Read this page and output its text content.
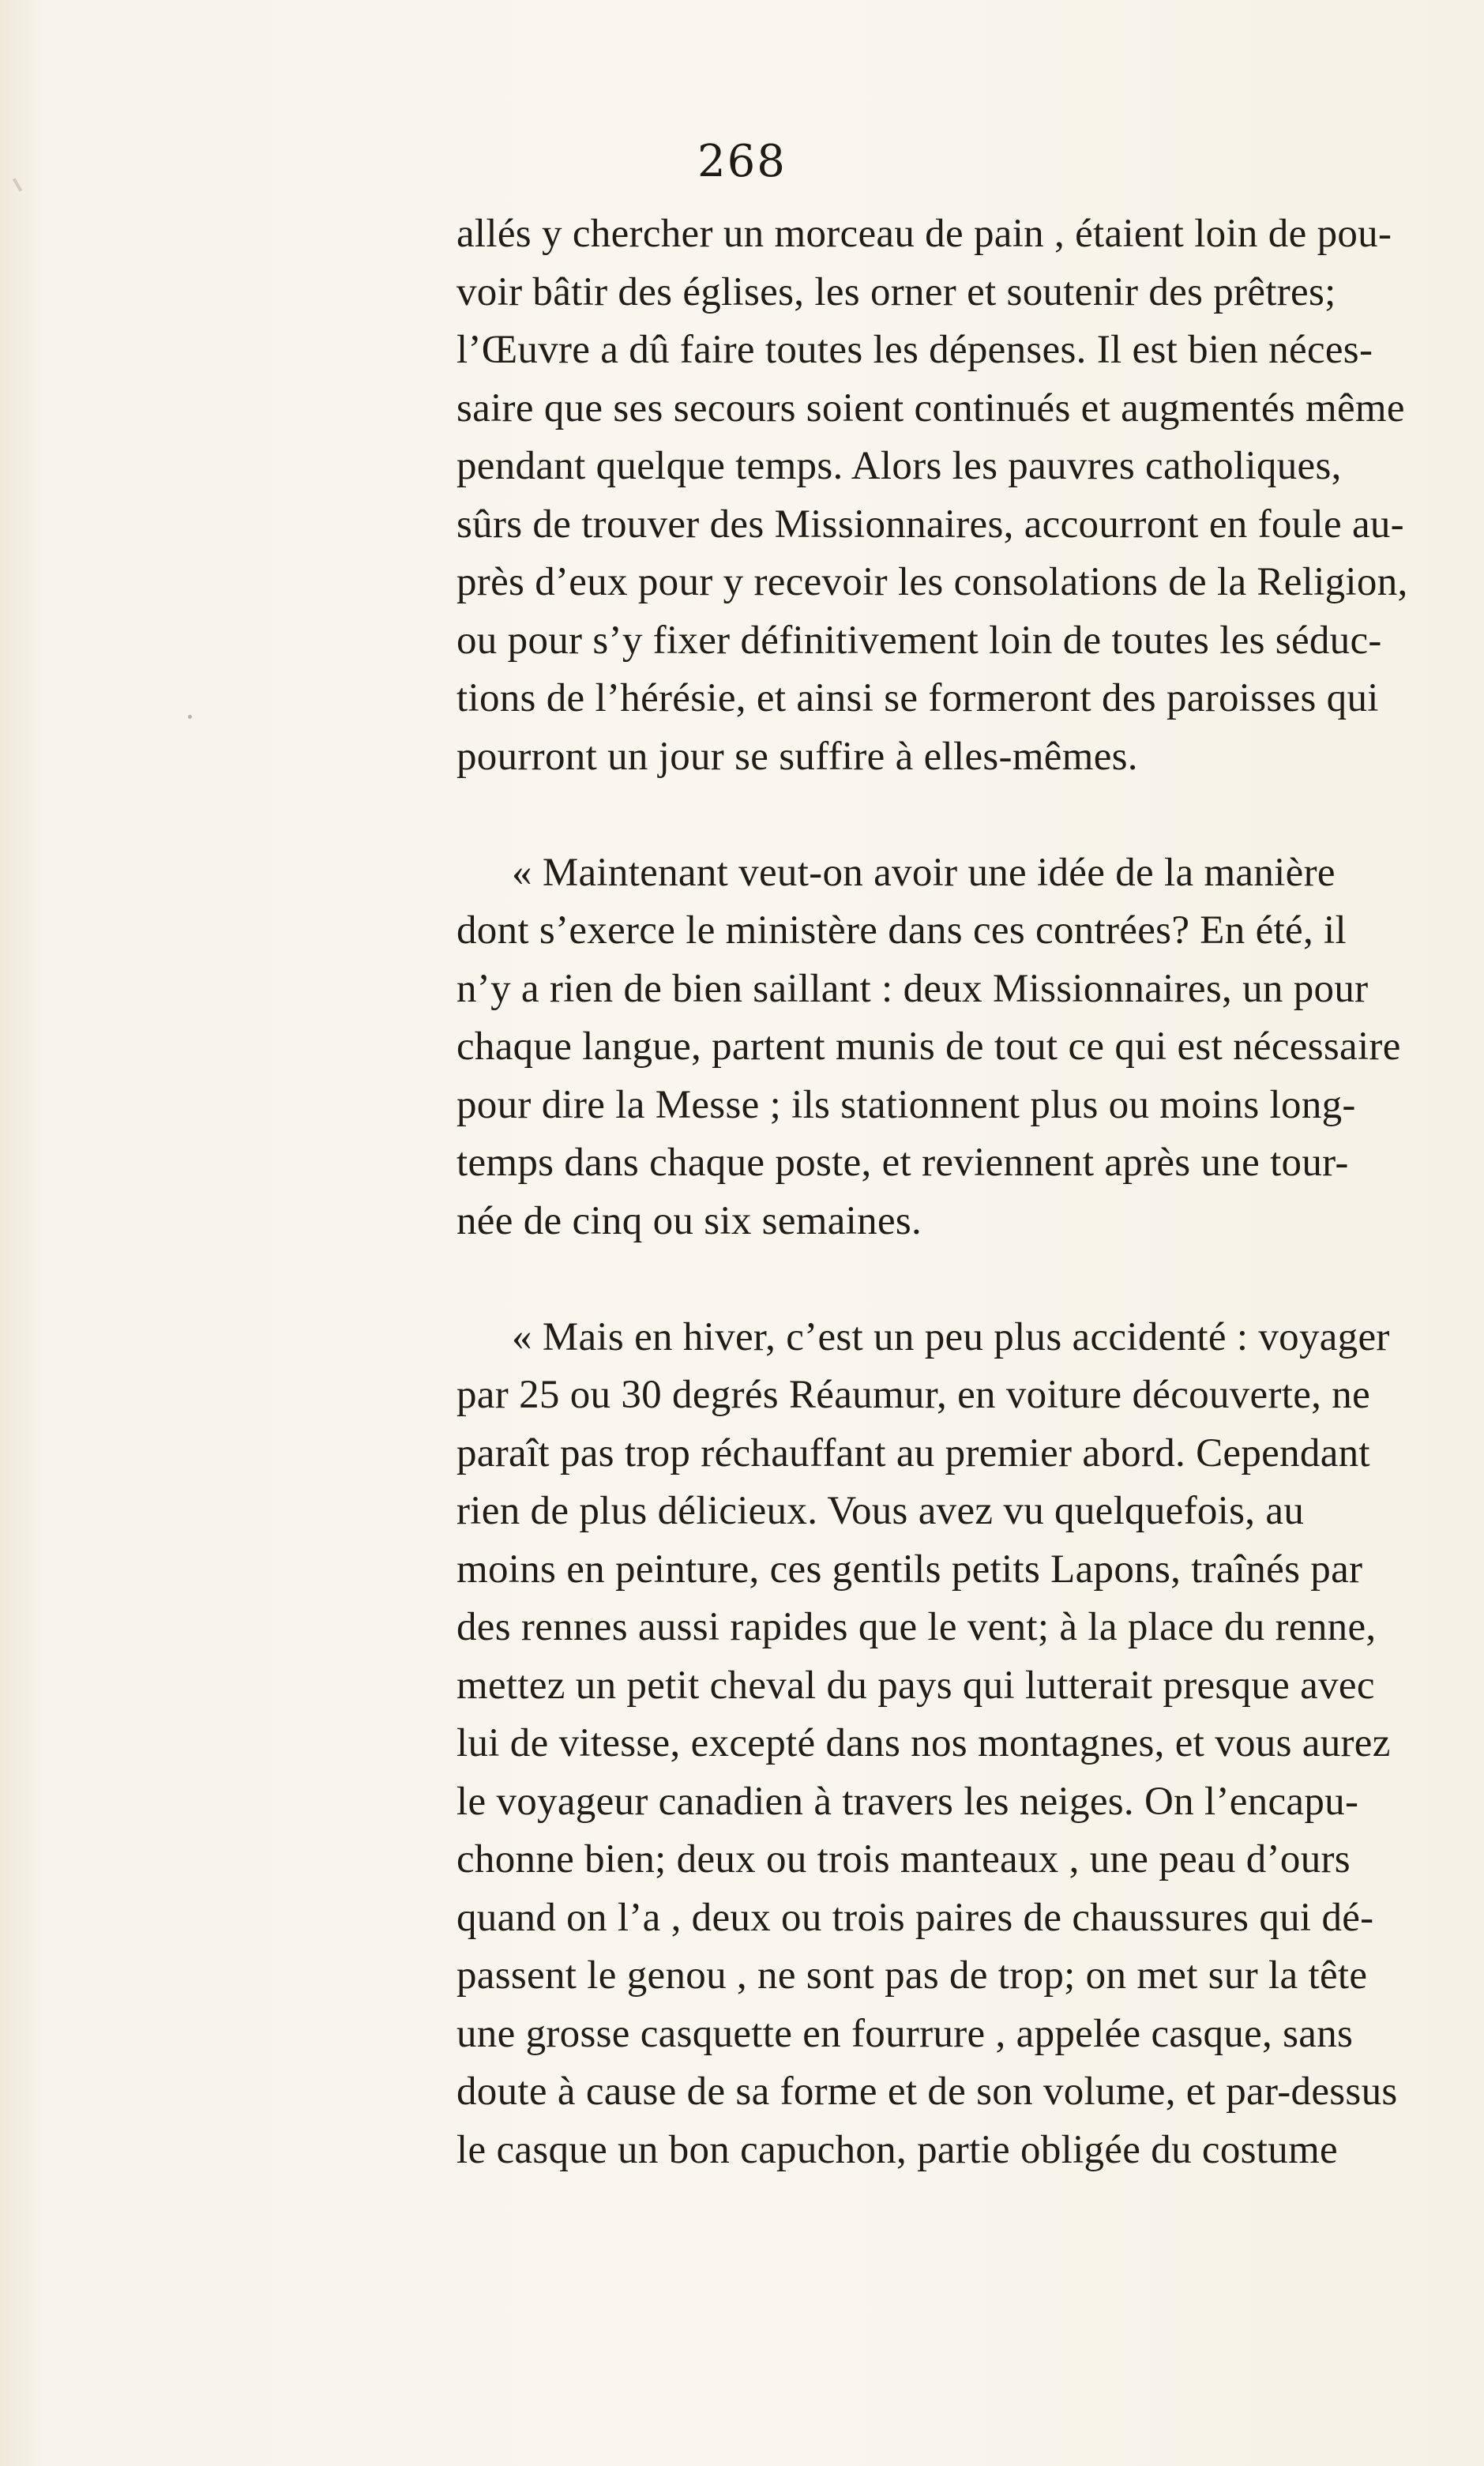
268
allés y chercher un morceau de pain , étaient loin de pou-
voir bâtir des églises, les orner et soutenir des prêtres;
l’Œuvre a dû faire toutes les dépenses. Il est bien néces-
saire que ses secours soient continués et augmentés même
pendant quelque temps. Alors les pauvres catholiques,
sûrs de trouver des Missionnaires, accourront en foule au-
près d’eux pour y recevoir les consolations de la Religion,
ou pour s’y fixer définitivement loin de toutes les séduc-
tions de l’hérésie, et ainsi se formeront des paroisses qui
pourront un jour se suffire à elles-mêmes.
« Maintenant veut-on avoir une idée de la manière
dont s’exerce le ministère dans ces contrées? En été, il
n’y a rien de bien saillant : deux Missionnaires, un pour
chaque langue, partent munis de tout ce qui est nécessaire
pour dire la Messe ; ils stationnent plus ou moins long-
temps dans chaque poste, et reviennent après une tour-
née de cinq ou six semaines.
« Mais en hiver, c’est un peu plus accidenté : voyager
par 25 ou 30 degrés Réaumur, en voiture découverte, ne
paraît pas trop réchauffant au premier abord. Cependant
rien de plus délicieux. Vous avez vu quelquefois, au
moins en peinture, ces gentils petits Lapons, traînés par
des rennes aussi rapides que le vent; à la place du renne,
mettez un petit cheval du pays qui lutterait presque avec
lui de vitesse, excepté dans nos montagnes, et vous aurez
le voyageur canadien à travers les neiges. On l’encapu-
chonne bien; deux ou trois manteaux , une peau d’ours
quand on l’a , deux ou trois paires de chaussures qui dé-
passent le genou , ne sont pas de trop; on met sur la tête
une grosse casquette en fourrure , appelée casque, sans
doute à cause de sa forme et de son volume, et par-dessus
le casque un bon capuchon, partie obligée du costume
